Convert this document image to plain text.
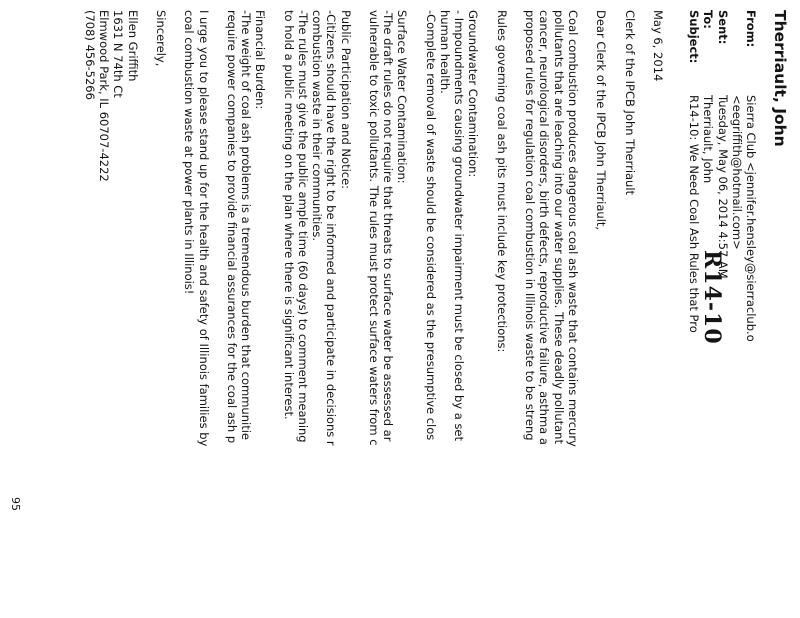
R14-10
Therriault, John
From:
Sierra Club <jennifer.hensley@sierraclub.o
<eegriffith@hotmail.com>
Sent:
Tuesday, May 06, 2014 4:57 AM
To:
Therriault, John
Subject:
R14-10: We Need Coal Ash Rules that Pro

May 6, 2014

Clerk of the IPCB John Therriault

Dear Clerk of the IPCB John Therriault,

Coal combustion produces dangerous coal ash waste that contains mercury
pollutants that are leaching into our water supplies. These deadly pollutant
cancer, neurological disorders, birth defects, reproductive failure, asthma a
proposed rules for regulation coal combustion in Illinois waste to be streng

Rules governing coal ash pits must include key protections:

Groundwater Contamination:
- Impoundments causing groundwater impairment must be closed by a set
human health.
-Complete removal of waste should be considered as the presumptive clos

Surface Water Contamination:
-The draft rules do not require that threats to surface water be assessed ar
vulnerable to toxic pollutants. The rules must protect surface waters from c

Public Participation and Notice:
-Citizens should have the right to be informed and participate in decisions r
combustion waste in their communities.
-The rules must give the public ample time (60 days) to comment meaning
to hold a public meeting on the plan where there is significant interest.

Financial Burden:
-The weight of coal ash problems is a tremendous burden that communitie
require power companies to provide financial assurances for the coal ash p

I urge you to please stand up for the health and safety of Illinois families by
coal combustion waste at power plants in Illinois!

Sincerely,

Ellen Griffith
1631 N 74th Ct
Elmwood Park, IL 60707-4222
(708) 456-5266

95
